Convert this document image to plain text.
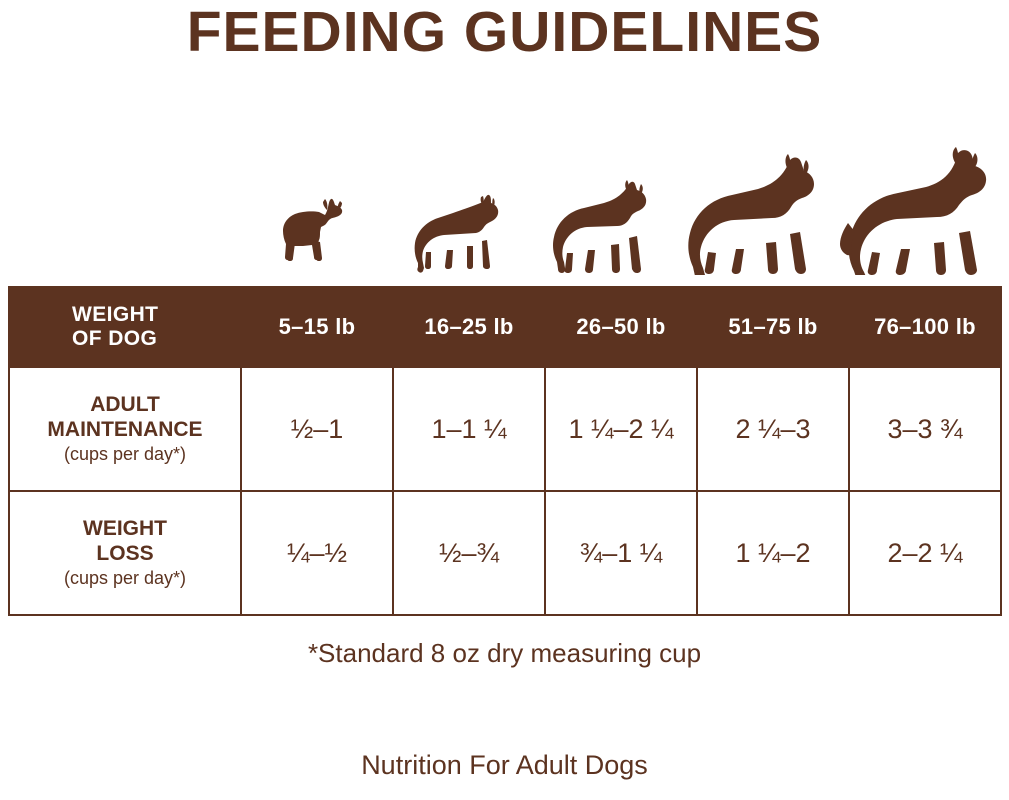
FEEDING GUIDELINES
WEIGHT
OF DOG	5–15 lb	16–25 lb	26–50 lb	51–75 lb	76–100 lb

ADULT
MAINTENANCE
(cups per day*)	½–1	1–1 ¼	1 ¼–2 ¼	2 ¼–3	3–3 ¾

WEIGHT
LOSS
(cups per day*)	¼–½	½–¾	¾–1 ¼	1 ¼–2	2–2 ¼
*Standard 8 oz dry measuring cup
Nutrition For Adult Dogs
